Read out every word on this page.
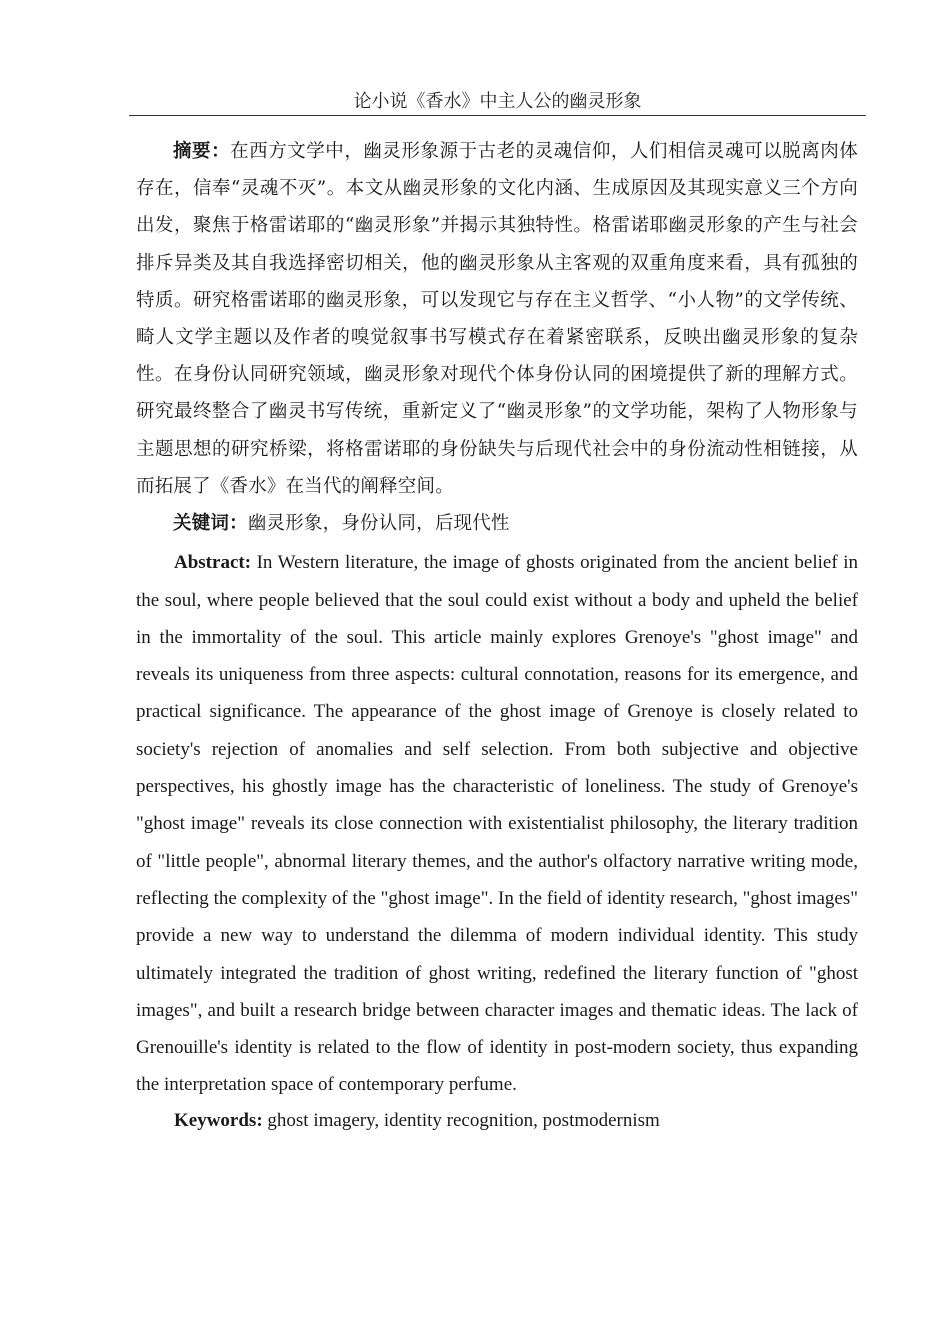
论小说《香水》中主人公的幽灵形象

摘要：在西方文学中，幽灵形象源于古老的灵魂信仰，人们相信灵魂可以脱离肉体存在，信奉“灵魂不灭”。本文从幽灵形象的文化内涵、生成原因及其现实意义三个方向出发，聚焦于格雷诺耶的“幽灵形象”并揭示其独特性。格雷诺耶幽灵形象的产生与社会排斥异类及其自我选择密切相关，他的幽灵形象从主客观的双重角度来看，具有孤独的特质。研究格雷诺耶的幽灵形象，可以发现它与存在主义哲学、“小人物”的文学传统、畸人文学主题以及作者的嗅觉叙事书写模式存在着紧密联系，反映出幽灵形象的复杂性。在身份认同研究领域，幽灵形象对现代个体身份认同的困境提供了新的理解方式。研究最终整合了幽灵书写传统，重新定义了“幽灵形象”的文学功能，架构了人物形象与主题思想的研究桥梁，将格雷诺耶的身份缺失与后现代社会中的身份流动性相链接，从而拓展了《香水》在当代的阐释空间。

关键词：幽灵形象，身份认同，后现代性

Abstract: In Western literature, the image of ghosts originated from the ancient belief in the soul, where people believed that the soul could exist without a body and upheld the belief in the immortality of the soul. This article mainly explores Grenoye's "ghost image" and reveals its uniqueness from three aspects: cultural connotation, reasons for its emergence, and practical significance. The appearance of the ghost image of Grenoye is closely related to society's rejection of anomalies and self selection. From both subjective and objective perspectives, his ghostly image has the characteristic of loneliness. The study of Grenoye's "ghost image" reveals its close connection with existentialist philosophy, the literary tradition of "little people", abnormal literary themes, and the author's olfactory narrative writing mode, reflecting the complexity of the "ghost image". In the field of identity research, "ghost images" provide a new way to understand the dilemma of modern individual identity. This study ultimately integrated the tradition of ghost writing, redefined the literary function of "ghost images", and built a research bridge between character images and thematic ideas. The lack of Grenouille's identity is related to the flow of identity in post-modern society, thus expanding the interpretation space of contemporary perfume.

Keywords: ghost imagery, identity recognition, postmodernism
